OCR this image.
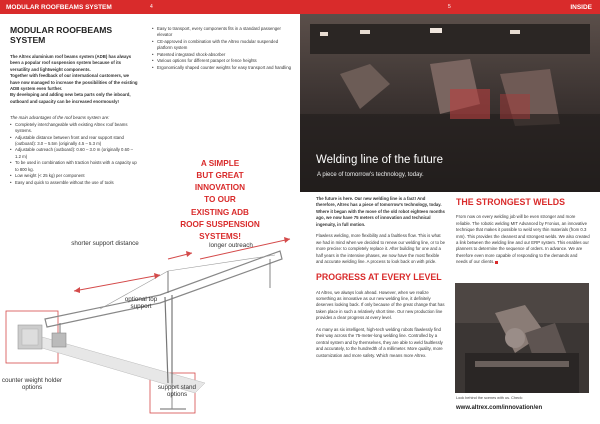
MODULAR ROOFBEAMS SYSTEM	INSIDE
4	5
MODULAR ROOFBEAMS SYSTEM

The Altrex aluminium roof beams system (ADB) has always been a popular roof suspension system because of its versatility and lightweight components.

Together with feedback of our international customers, we have now managed to increase the possibilities of the existing ADB system even further.

By developing and adding new beta parts only the inboard, outboard and capacity can be increased enormously!

The main advantages of the roof beams system are:
• Completely interchangeable with existing Altrex roof beams systems.
• Adjustable distance between front and rear support stand (outboard): 3.0 – 5.5m (originally 4.5 – 5.3 m)
• Adjustable outreach (outboard): 0.60 – 3.0 m (originally 0.60 – 1.2 m)
• To be used in combination with traction hoists with a capacity up to 800 kg.
• Low weight (< 25 kg) per component
• Easy and quick to assemble without the use of tools
• Easy to transport, every components fits in a standard passenger elevator
• CE-approved in combination with the Altrex modular suspended platform system
• Patented integrated shock-absorber
• Various options for different parapet or fence heights
• Ergonomically shaped counter weights for easy transport and handling
A SIMPLE
BUT GREAT
INNOVATION
TO OUR
EXISTING ADB
ROOF SUSPENSION
SYSTEMS!
shorter support distance	longer outreach
optional top support
counter weight holder options	support stand options
Welding line of the future
A piece of tomorrow's technology, today.

The future is here. Our new welding line is a fact! And therefore, Altrex has a piece of tomorrow's technology, today. Where it began with the move of the old robot eighteen months ago, we now have 75 meters of innovation and technical ingenuity, in full motion.

Flawless welding, more flexibility and a faultless flow. This is what we had in mind when we decided to renew our welding line, or to be more precise: to completely replace it. After building for one and a half years in the intensive phases, we now have the most flexible and accurate welding line. A process to look back on with pride.

PROGRESS AT EVERY LEVEL

At Altrex, we always look ahead. However, when we realize something as innovative as our new welding line, it definitely deserves looking back. If only because of the great change that has taken place in such a relatively short time. Our new production line provides a clear progress at every level.

As many as six intelligent, high-tech welding robots flawlessly find their way across the 75-meter-long welding line. Controlled by a central system and by themselves, they are able to weld faultlessly and accurately, to the hundredth of a millimeter. More quality, more customization and more safety. Which means more Altrex.

THE STRONGEST WELDS

From now on every welding job will be even stronger and more reliable. The robotic welding MIT Advanced by Fronius, an innovative technique that makes it possible to weld very thin materials (from 0.3 mm). This provides the cleanest and strongest welds. We also created a link between the welding line and our ERP system. This enables our planners to determine the sequence of orders. In advance. We are therefore even more capable of responding to the demands and needs of our clients.

Look behind the scenes with us. Check:
www.altrex.com/innovation/en
